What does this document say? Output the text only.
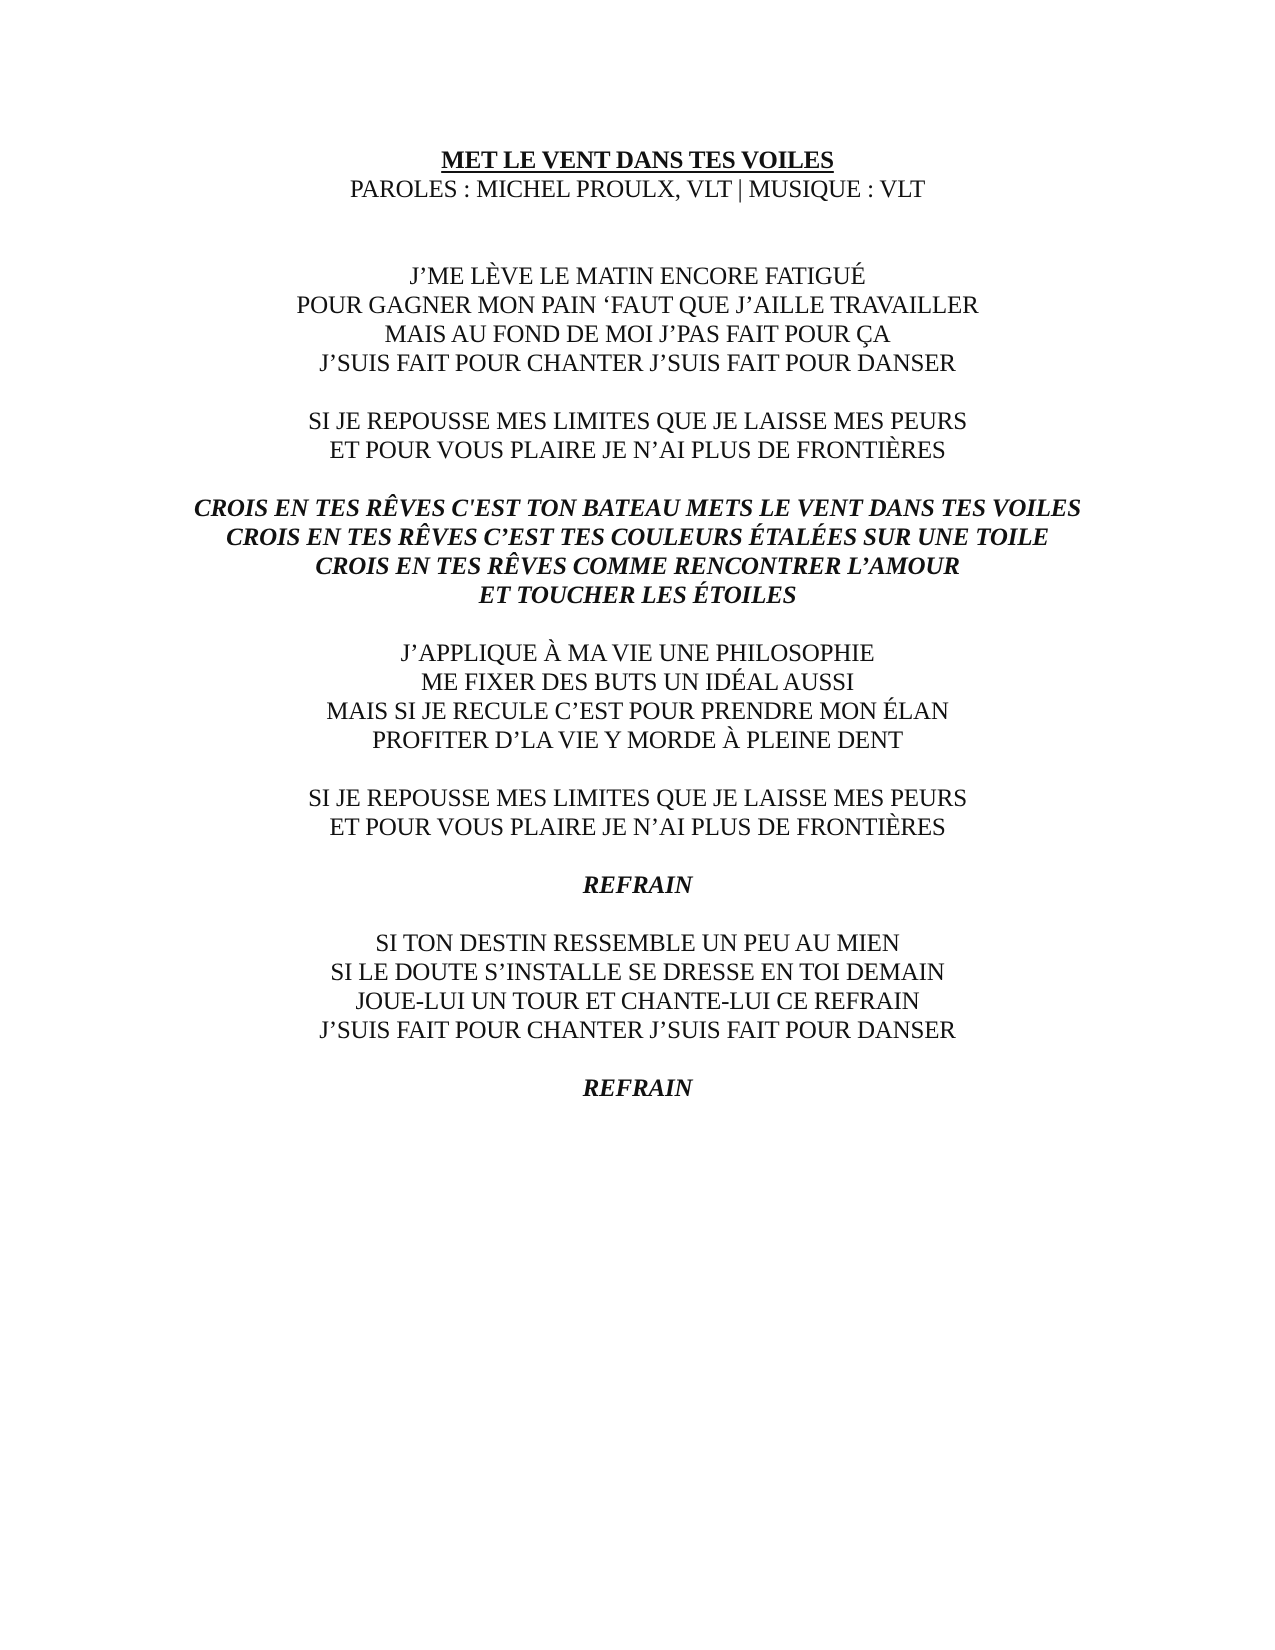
MET LE VENT DANS TES VOILES
PAROLES : MICHEL PROULX, VLT | MUSIQUE : VLT
J’ME LÈVE LE MATIN ENCORE FATIGUÉ
POUR GAGNER MON PAIN ‘FAUT QUE J’AILLE TRAVAILLER
MAIS AU FOND DE MOI J’PAS FAIT POUR ÇA
J’SUIS FAIT POUR CHANTER J’SUIS FAIT POUR DANSER
SI JE REPOUSSE MES LIMITES QUE JE LAISSE MES PEURS
ET POUR VOUS PLAIRE JE N’AI PLUS DE FRONTIÈRES
CROIS EN TES RÊVES C'EST TON BATEAU METS LE VENT DANS TES VOILES
CROIS EN TES RÊVES C’EST TES COULEURS ÉTALÉES SUR UNE TOILE
CROIS EN TES RÊVES COMME RENCONTRER L’AMOUR
ET TOUCHER LES ÉTOILES
J’APPLIQUE À MA VIE UNE PHILOSOPHIE
ME FIXER DES BUTS UN IDÉAL AUSSI
MAIS SI JE RECULE C’EST POUR PRENDRE MON ÉLAN
PROFITER D’LA VIE Y MORDE À PLEINE DENT
SI JE REPOUSSE MES LIMITES QUE JE LAISSE MES PEURS
ET POUR VOUS PLAIRE JE N’AI PLUS DE FRONTIÈRES
REFRAIN
SI TON DESTIN RESSEMBLE UN PEU AU MIEN
SI LE DOUTE S’INSTALLE SE DRESSE EN TOI DEMAIN
JOUE-LUI UN TOUR ET CHANTE-LUI CE REFRAIN
J’SUIS FAIT POUR CHANTER J’SUIS FAIT POUR DANSER
REFRAIN
